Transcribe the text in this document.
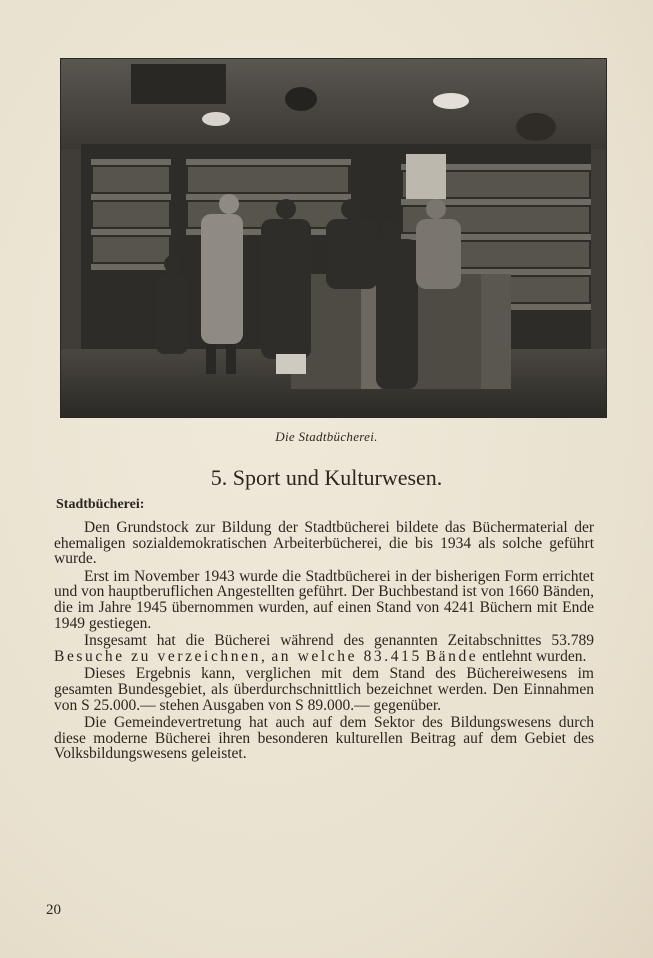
Die Stadtbücherei.
5. Sport und Kulturwesen.
Stadtbücherei:

Den Grundstock zur Bildung der Stadtbücherei bildete das Büchermaterial der ehemaligen sozialdemokratischen Arbeiterbücherei, die bis 1934 als solche geführt wurde.

Erst im November 1943 wurde die Stadtbücherei in der bisherigen Form errichtet und von hauptberuflichen Angestellten geführt. Der Buchbestand ist von 1660 Bänden, die im Jahre 1945 übernommen wurden, auf einen Stand von 4241 Büchern mit Ende 1949 gestiegen.

Insgesamt hat die Bücherei während des genannten Zeitabschnittes 53.789 Besuche zu verzeichnen, an welche 83.415 Bände entlehnt wurden.

Dieses Ergebnis kann, verglichen mit dem Stand des Büchereiwesens im gesamten Bundesgebiet, als überdurchschnittlich bezeichnet werden. Den Einnahmen von S 25.000.— stehen Ausgaben von S 89.000.— gegenüber.

Die Gemeindevertretung hat auch auf dem Sektor des Bildungswesens durch diese moderne Bücherei ihren besonderen kulturellen Beitrag auf dem Gebiet des Volksbildungswesens geleistet.

20
